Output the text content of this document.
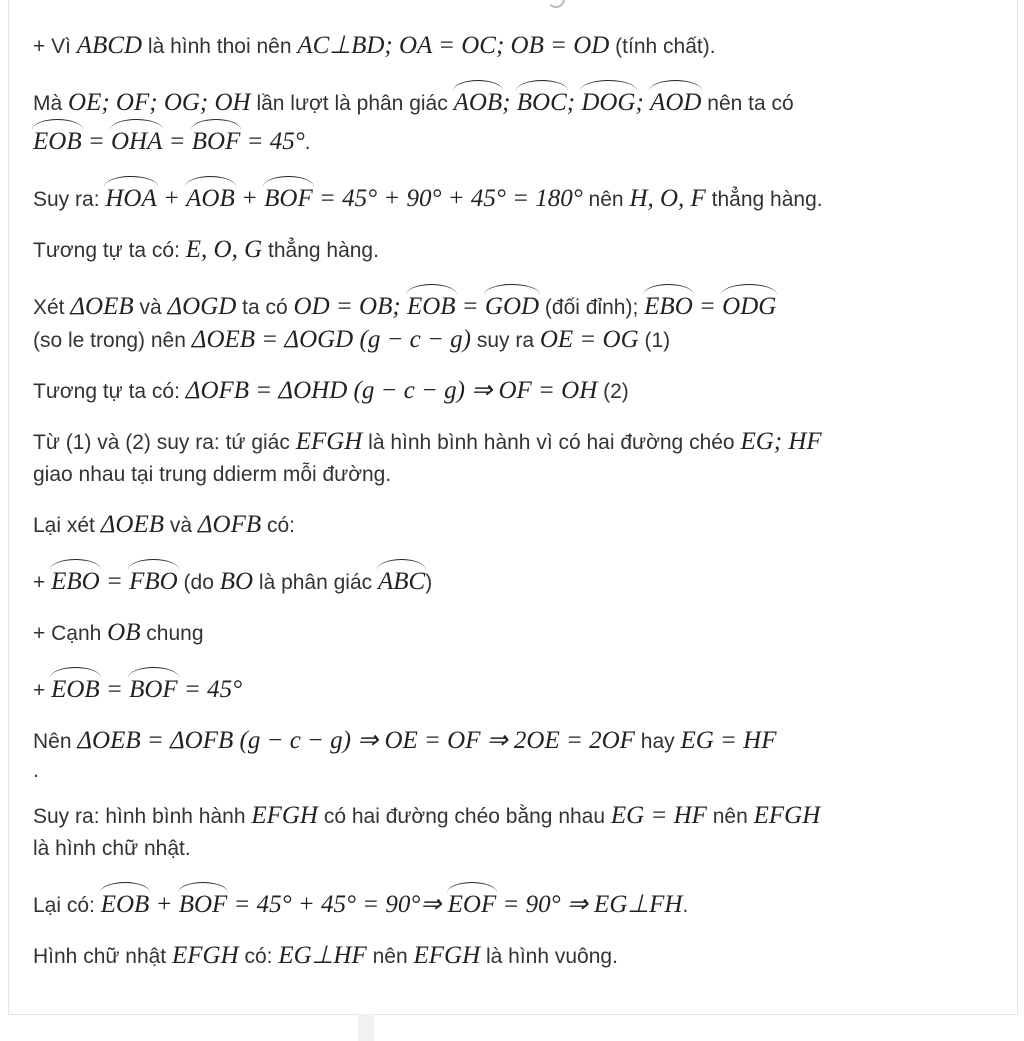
+ Vì ABCD là hình thoi nên AC⊥BD; OA = OC; OB = OD (tính chất).

Mà OE; OF; OG; OH lần lượt là phân giác AOB; BOC; DOG; AOD nên ta có
EOB = OHA = BOF = 45°.

Suy ra: HOA + AOB + BOF = 45° + 90° + 45° = 180° nên H, O, F thẳng hàng.

Tương tự ta có: E, O, G thẳng hàng.

Xét ΔOEB và ΔOGD ta có OD = OB; EOB = GOD (đối đỉnh); EBO = ODG
(so le trong) nên ΔOEB = ΔOGD (g − c − g) suy ra OE = OG (1)

Tương tự ta có: ΔOFB = ΔOHD (g − c − g) ⇒ OF = OH (2)

Từ (1) và (2) suy ra: tứ giác EFGH là hình bình hành vì có hai đường chéo EG; HF
giao nhau tại trung ddierm mỗi đường.

Lại xét ΔOEB và ΔOFB có:

+ EBO = FBO (do BO là phân giác ABC)

+ Cạnh OB chung

+ EOB = BOF = 45°

Nên ΔOEB = ΔOFB (g − c − g) ⇒ OE = OF ⇒ 2OE = 2OF hay EG = HF

.

Suy ra: hình bình hành EFGH có hai đường chéo bằng nhau EG = HF nên EFGH
là hình chữ nhật.

Lại có: EOB + BOF = 45° + 45° = 90°⇒ EOF = 90° ⇒ EG⊥FH.

Hình chữ nhật EFGH có: EG⊥HF nên EFGH là hình vuông.
